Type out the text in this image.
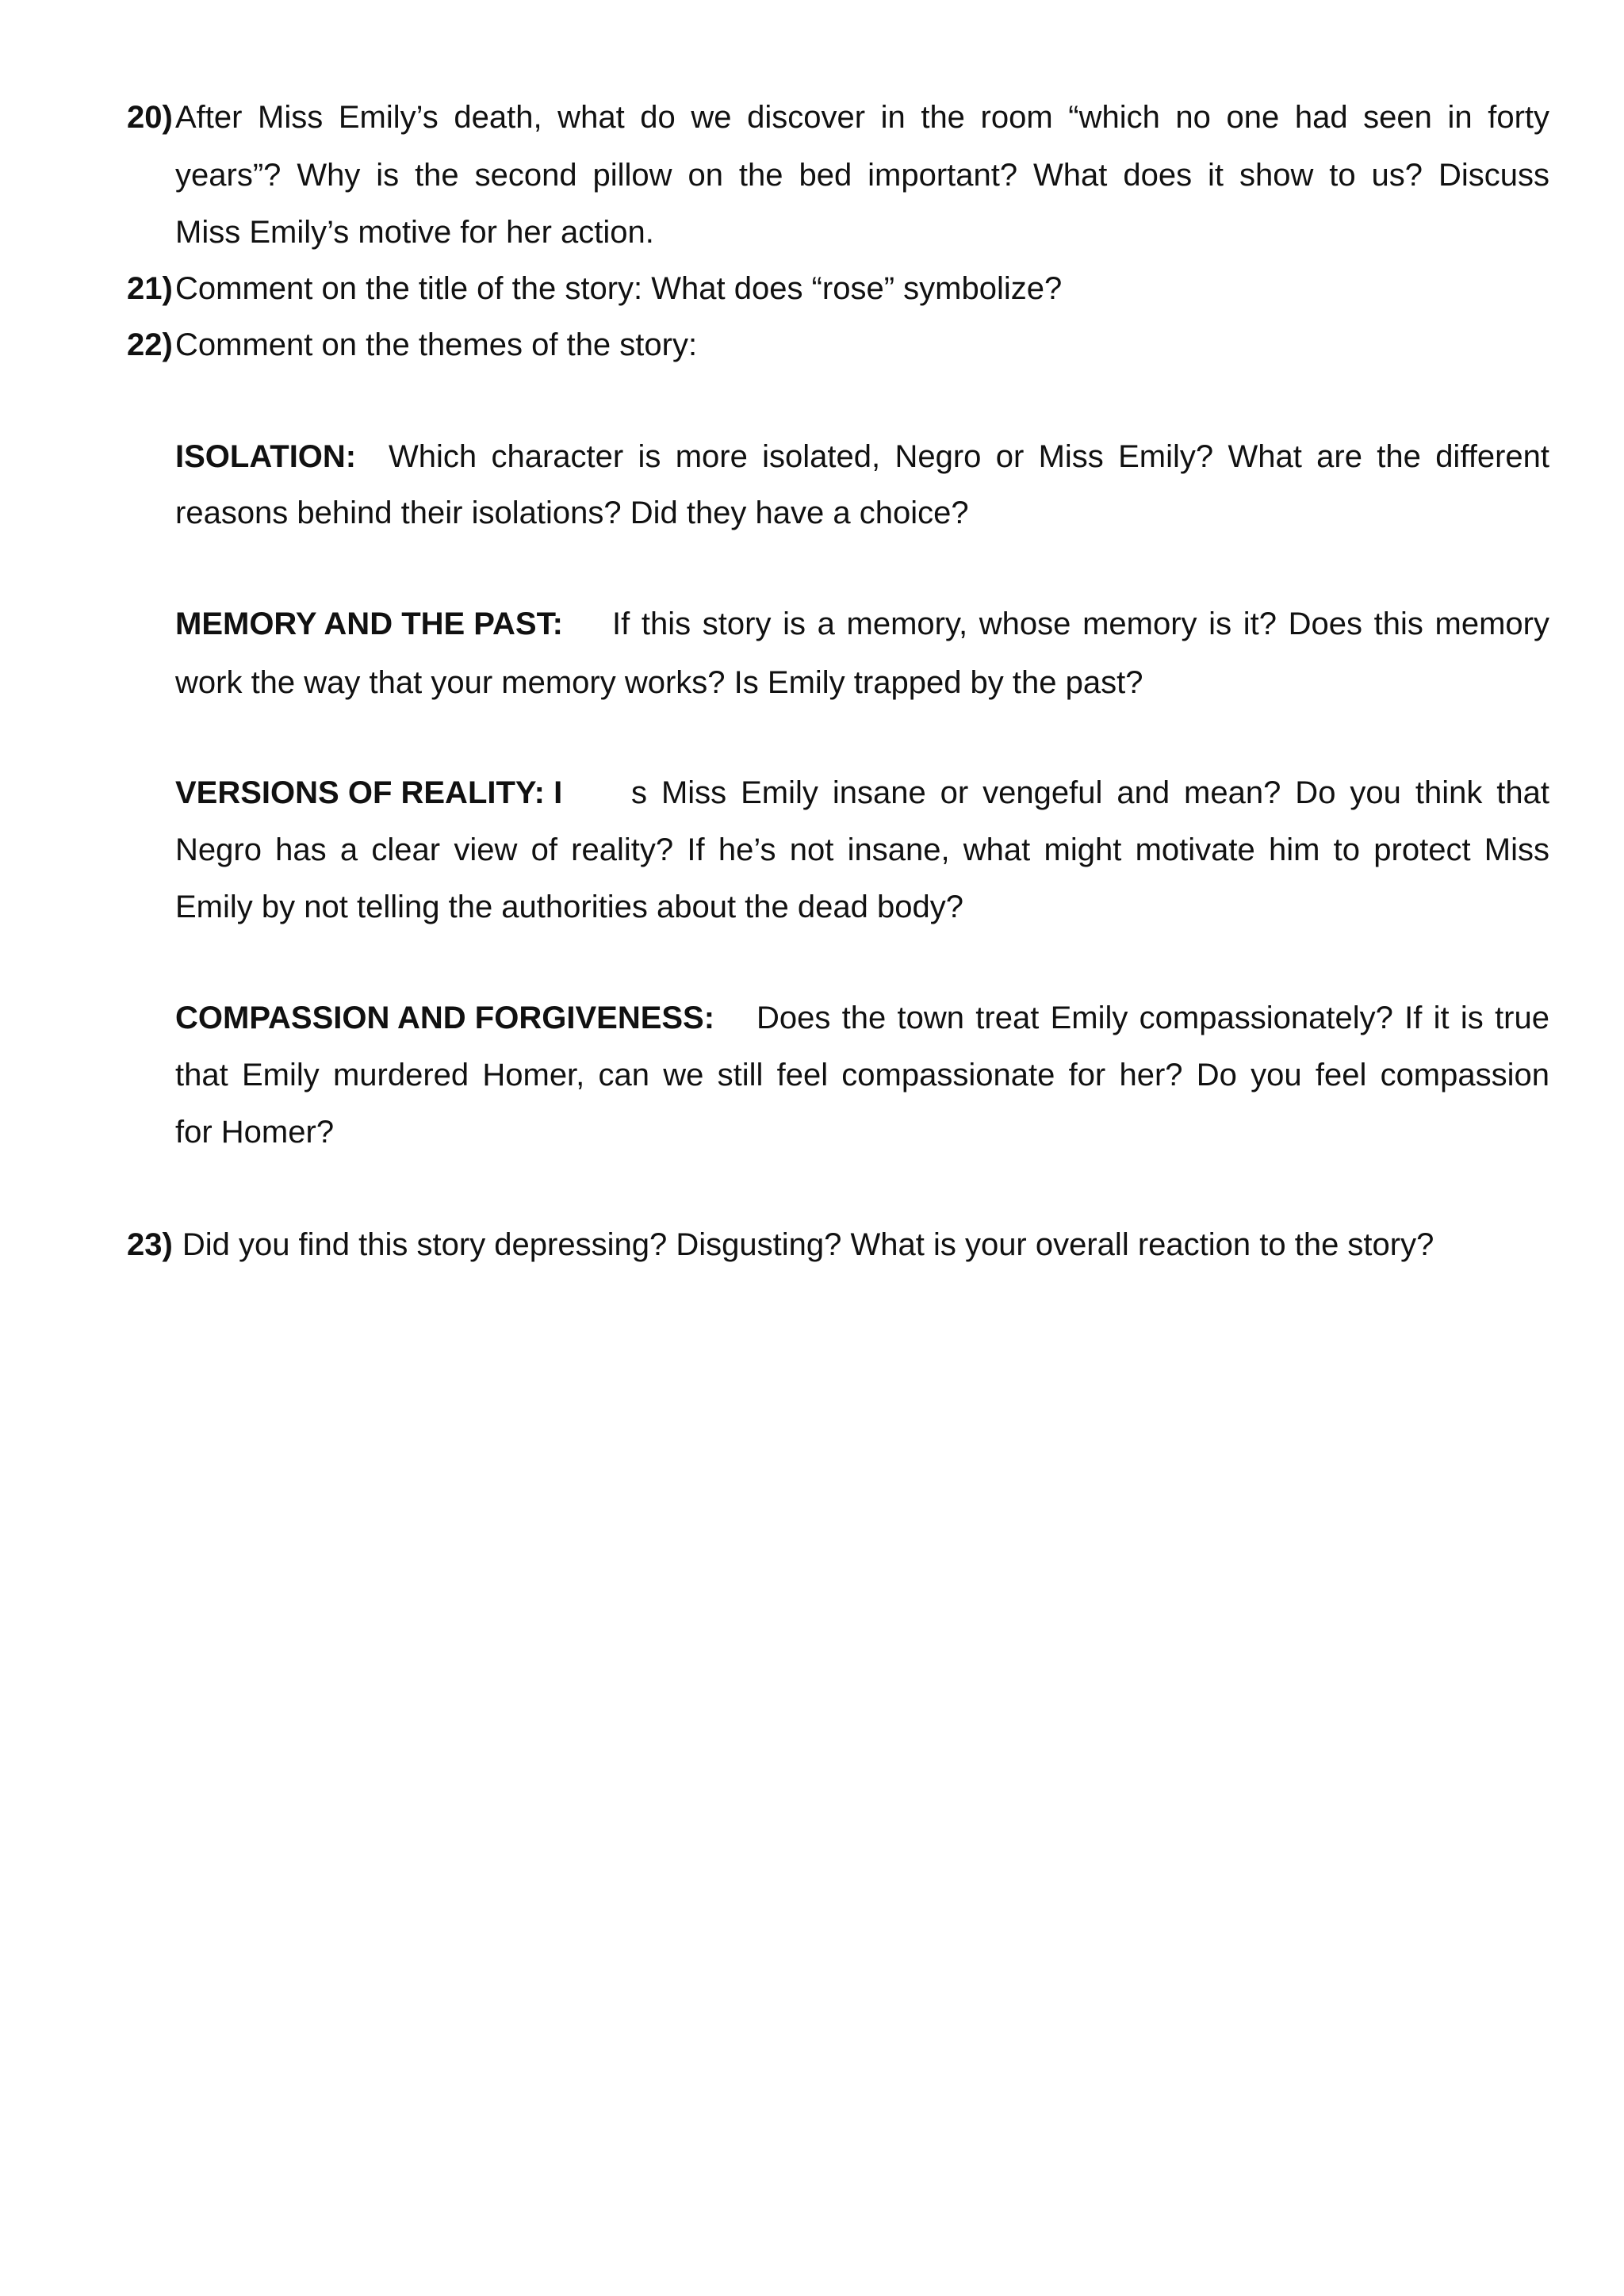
20) After Miss Emily’s death, what do we discover in the room “which no one had seen in forty

years”? Why is the second pillow on the bed important? What does it show to us? Discuss

Miss Emily’s motive for her action.

21) Comment on the title of the story: What does “rose” symbolize?
22) Comment on the themes of the story:
ISOLATION: Which character is more isolated, Negro or Miss Emily? What are the different

reasons behind their isolations? Did they have a choice?

MEMORY AND THE PAST: If this story is a memory, whose memory is it? Does this memory

work the way that your memory works? Is Emily trapped by the past?

VERSIONS OF REALITY: I s Miss Emily insane or vengeful and mean? Do you think that

Negro has a clear view of reality? If he’s not insane, what might motivate him to protect Miss

Emily by not telling the authorities about the dead body?

COMPASSION AND FORGIVENESS: Does the town treat Emily compassionately? If it is true

that Emily murdered Homer, can we still feel compassionate for her? Do you feel compassion

for Homer?

23) Did you find this story depressing? Disgusting? What is your overall reaction to the story?
